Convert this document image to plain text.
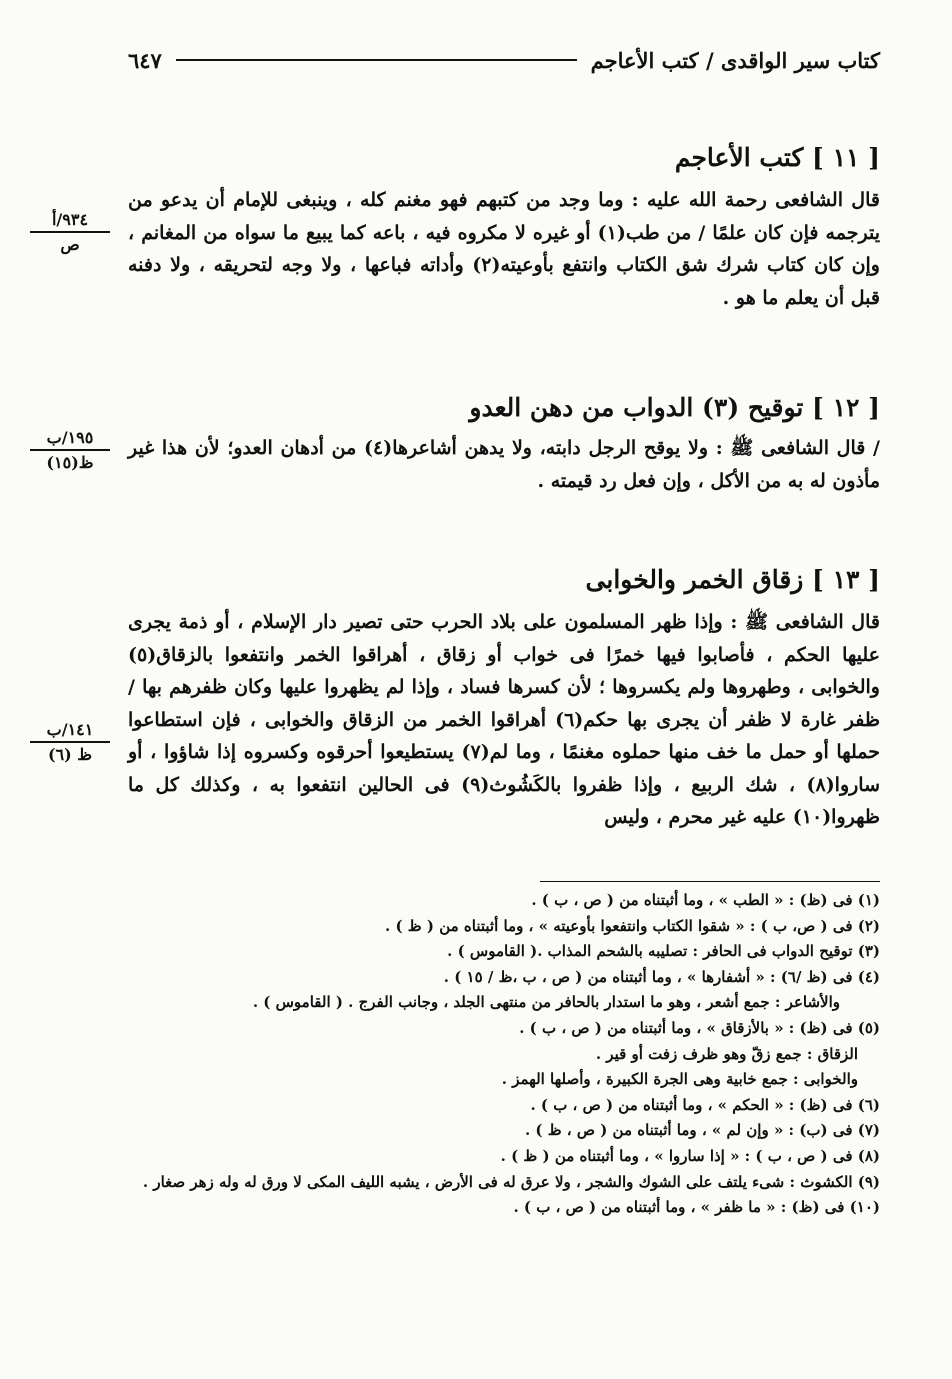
كتاب سير الواقدى / كتب الأعاجم
٦٤٧
[ ١١ ] كتب الأعاجم

قال الشافعى رحمة الله عليه : وما وجد من كتبهم فهو مغنم كله ، وينبغى للإمام أن يدعو من يترجمه فإن كان علمًا / من طب(١) أو غيره لا مكروه فيه ، باعه كما يبيع ما سواه من المغانم ، وإن كان كتاب شرك شق الكتاب وانتفع بأوعيته(٢) وأداته فباعها ، ولا وجه لتحريقه ، ولا دفنه قبل أن يعلم ما هو .

[ ١٢ ] توقيح (٣) الدواب من دهن العدو

/ قال الشافعى ﷺ : ولا يوقح الرجل دابته، ولا يدهن أشاعرها(٤) من أدهان العدو؛ لأن هذا غير مأذون له به من الأكل ، وإن فعل رد قيمته .

[ ١٣ ] زقاق الخمر والخوابى

قال الشافعى ﷺ : وإذا ظهر المسلمون على بلاد الحرب حتى تصير دار الإسلام ، أو ذمة يجرى عليها الحكم ، فأصابوا فيها خمرًا فى خواب أو زقاق ، أهراقوا الخمر وانتفعوا بالزقاق(٥) والخوابى ، وطهروها ولم يكسروها ؛ لأن كسرها فساد ، وإذا لم يظهروا عليها وكان ظفرهم بها / ظفر غارة لا ظفر أن يجرى بها حكم(٦) أهراقوا الخمر من الزقاق والخوابى ، فإن استطاعوا حملها أو حمل ما خف منها حملوه مغنمًا ، وما لم(٧) يستطيعوا أحرقوه وكسروه إذا شاؤوا ، أو ساروا(٨) ، شك الربيع ، وإذا ظفروا بالكَشُوث(٩) فى الحالين انتفعوا به ، وكذلك كل ما ظهروا(١٠) عليه غير محرم ، وليس

٩٣٤/أ
ص
١٩٥/ب
ظ(١٥)
١٤١/ب
ظ (٦)

(١) فى (ظ) : « الطب » ، وما أثبتناه من ( ص ، ب ) .

(٢) فى ( ص، ب ) : « شقوا الكتاب وانتفعوا بأوعيته » ، وما أثبتناه من ( ظ ) .

(٣) توقيح الدواب فى الحافر : تصليبه بالشحم المذاب .( القاموس ) .

(٤) فى (ظ /٦) : « أشفارها » ، وما أثبتناه من ( ص ، ب ،ظ / ١٥ ) .

والأشاعر : جمع أشعر ، وهو ما استدار بالحافر من منتهى الجلد ، وجانب الفرج . ( القاموس ) .

(٥) فى (ظ) : « بالأزقاق » ، وما أثبتناه من ( ص ، ب ) .

الزقاق : جمع زقّ وهو ظرف زفت أو قير .

والخوابى : جمع خابية وهى الجرة الكبيرة ، وأصلها الهمز .

(٦) فى (ظ) : « الحكم » ، وما أثبتناه من ( ص ، ب ) .

(٧) فى (ب) : « وإن لم » ، وما أثبتناه من ( ص ، ظ ) .

(٨) فى ( ص ، ب ) : « إذا ساروا » ، وما أثبتناه من ( ظ ) .

(٩) الكشوث : شىء يلتف على الشوك والشجر ، ولا عرق له فى الأرض ، يشبه الليف المكى لا ورق له وله زهر صغار .

(١٠) فى (ظ) : « ما ظفر » ، وما أثبتناه من ( ص ، ب ) .
